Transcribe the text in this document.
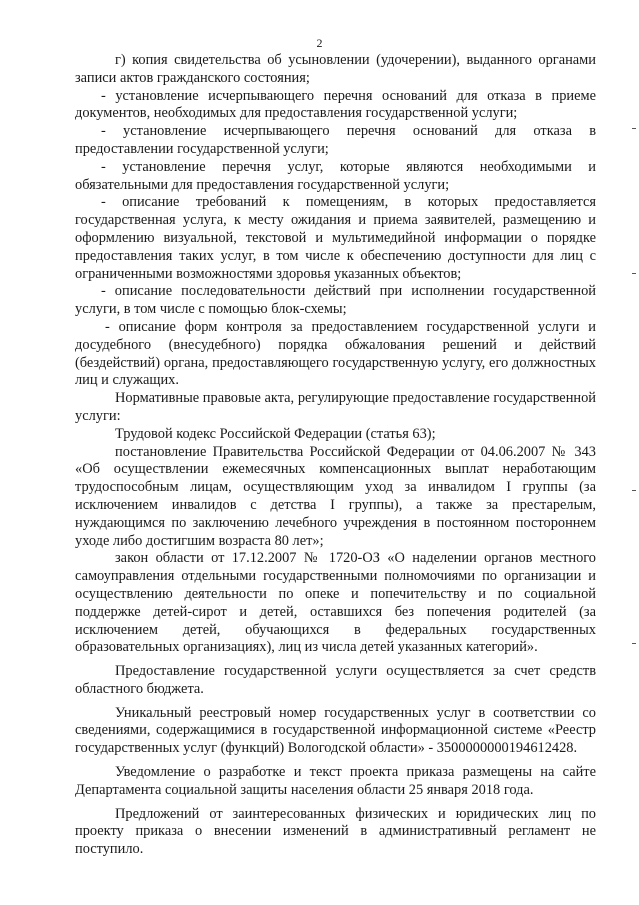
2

г) копия свидетельства об усыновлении (удочерении), выданного органами записи актов гражданского состояния;

- установление исчерпывающего перечня оснований для отказа в приеме документов, необходимых для предоставления государственной услуги;

- установление исчерпывающего перечня оснований для отказа в предоставлении государственной услуги;

- установление перечня услуг, которые являются необходимыми и обязательными для предоставления государственной услуги;

- описание требований к помещениям, в которых предоставляется государственная услуга, к месту ожидания и приема заявителей, размещению и оформлению визуальной, текстовой и мультимедийной информации о порядке предоставления таких услуг, в том числе к обеспечению доступности для лиц с ограниченными возможностями здоровья указанных объектов;

- описание последовательности действий при исполнении государственной услуги, в том числе с помощью блок-схемы;

- описание форм контроля за предоставлением государственной услуги и досудебного (внесудебного) порядка обжалования решений и действий (бездействий) органа, предоставляющего государственную услугу, его должностных лиц и служащих.

Нормативные правовые акта, регулирующие предоставление государственной услуги:

Трудовой кодекс Российской Федерации (статья 63);

постановление Правительства Российской Федерации от 04.06.2007 № 343 «Об осуществлении ежемесячных компенсационных выплат неработающим трудоспособным лицам, осуществляющим уход за инвалидом I группы (за исключением инвалидов с детства I группы), а также за престарелым, нуждающимся по заключению лечебного учреждения в постоянном постороннем уходе либо достигшим возраста 80 лет»;

закон области от 17.12.2007 № 1720-ОЗ «О наделении органов местного самоуправления отдельными государственными полномочиями по организации и осуществлению деятельности по опеке и попечительству и по социальной поддержке детей-сирот и детей, оставшихся без попечения родителей (за исключением детей, обучающихся в федеральных государственных образовательных организациях), лиц из числа детей указанных категорий».

Предоставление государственной услуги осуществляется за счет средств областного бюджета.

Уникальный реестровый номер государственных услуг в соответствии со сведениями, содержащимися в государственной информационной системе «Реестр государственных услуг (функций) Вологодской области» - 3500000000194612428.

Уведомление о разработке и текст проекта приказа размещены на сайте Департамента социальной защиты населения области 25 января 2018 года.

Предложений от заинтересованных физических и юридических лиц по проекту приказа о внесении изменений в административный регламент не поступило.
